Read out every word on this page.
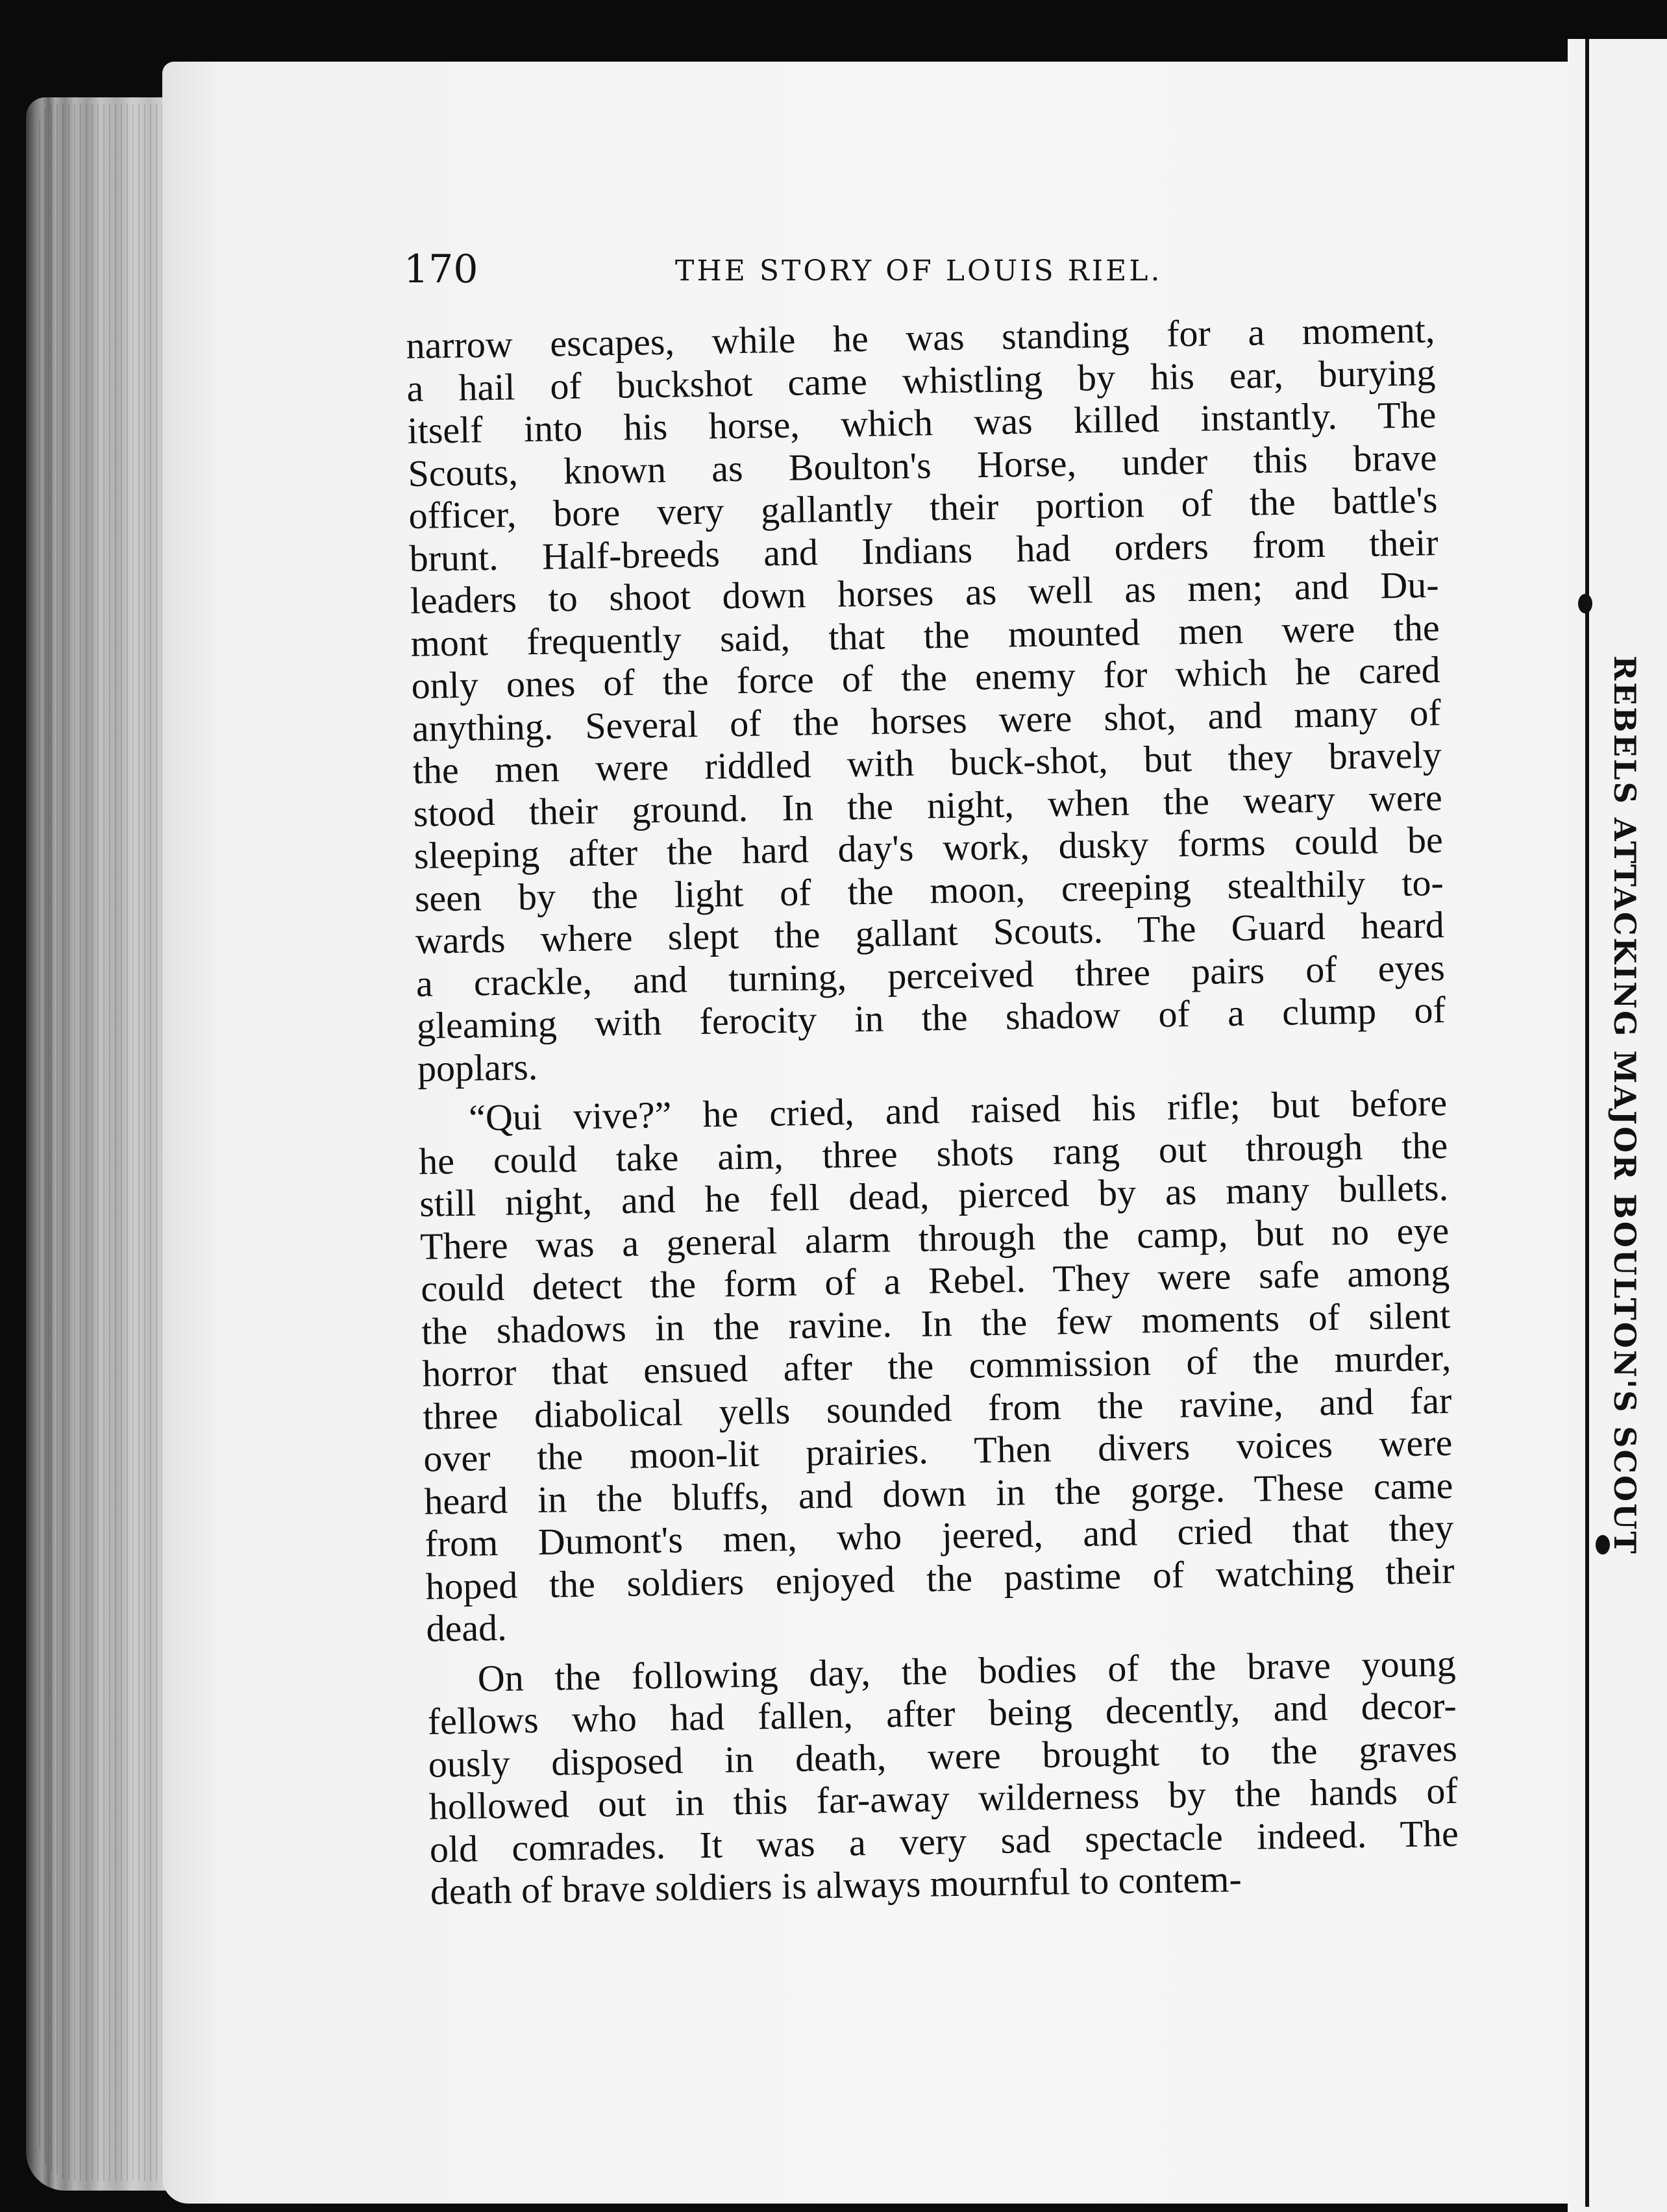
REBELS ATTACKING MAJOR BOULTON'S SCOUT
170	THE STORY OF LOUIS RIEL.
narrow escapes, while he was standing for a moment,
a hail of buckshot came whistling by his ear, burying
itself into his horse, which was killed instantly. The
Scouts, known as Boulton's Horse, under this brave
officer, bore very gallantly their portion of the battle's
brunt. Half-breeds and Indians had orders from their
leaders to shoot down horses as well as men; and Du-
mont frequently said, that the mounted men were the
only ones of the force of the enemy for which he cared
anything. Several of the horses were shot, and many of
the men were riddled with buck-shot, but they bravely
stood their ground. In the night, when the weary were
sleeping after the hard day's work, dusky forms could be
seen by the light of the moon, creeping stealthily to-
wards where slept the gallant Scouts. The Guard heard
a crackle, and turning, perceived three pairs of eyes
gleaming with ferocity in the shadow of a clump of
poplars.
“Qui vive?” he cried, and raised his rifle; but before
he could take aim, three shots rang out through the
still night, and he fell dead, pierced by as many bullets.
There was a general alarm through the camp, but no eye
could detect the form of a Rebel. They were safe among
the shadows in the ravine. In the few moments of silent
horror that ensued after the commission of the murder,
three diabolical yells sounded from the ravine, and far
over the moon-lit prairies. Then divers voices were
heard in the bluffs, and down in the gorge. These came
from Dumont's men, who jeered, and cried that they
hoped the soldiers enjoyed the pastime of watching their
dead.
On the following day, the bodies of the brave young
fellows who had fallen, after being decently, and decor-
ously disposed in death, were brought to the graves
hollowed out in this far-away wilderness by the hands of
old comrades. It was a very sad spectacle indeed. The
death of brave soldiers is always mournful to contem-
